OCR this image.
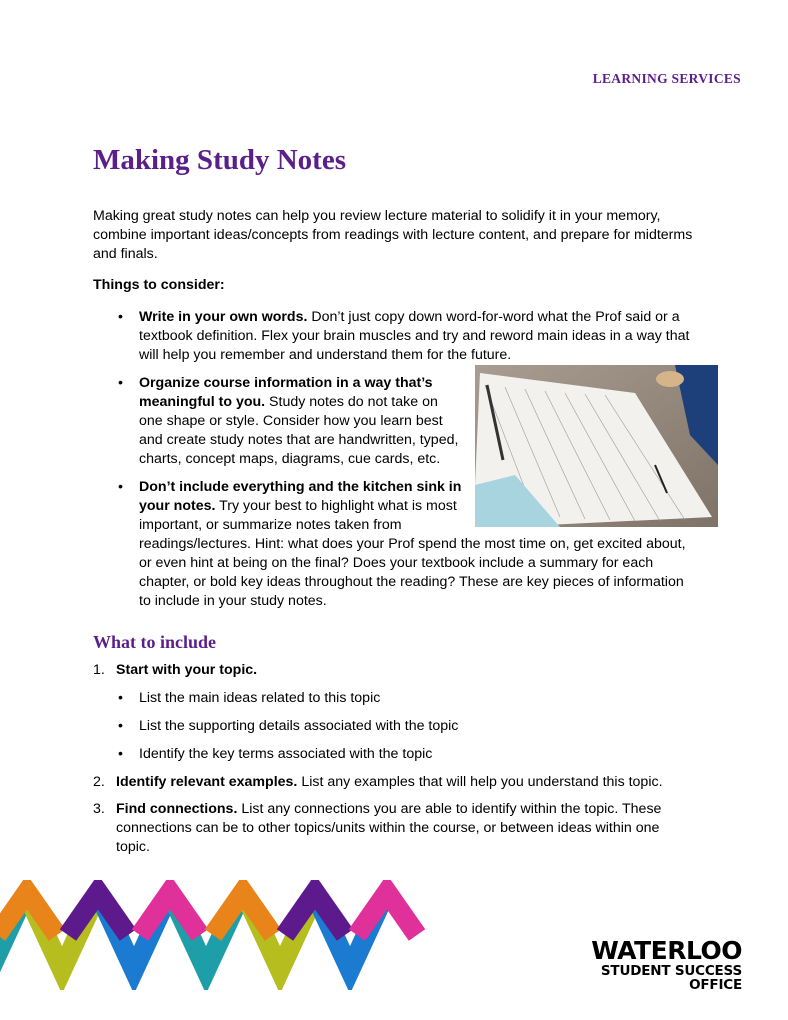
LEARNING SERVICES
Making Study Notes

Making great study notes can help you review lecture material to solidify it in your memory, combine important ideas/concepts from readings with lecture content, and prepare for midterms and finals.

Things to consider:

• Write in your own words. Don’t just copy down word-for-word what the Prof said or a textbook definition. Flex your brain muscles and try and reword main ideas in a way that will help you remember and understand them for the future.
• Organize course information in a way that’s meaningful to you. Study notes do not take on one shape or style. Consider how you learn best and create study notes that are handwritten, typed, charts, concept maps, diagrams, cue cards, etc.
• Don’t include everything and the kitchen sink in your notes. Try your best to highlight what is most important, or summarize notes taken from readings/lectures. Hint: what does your Prof spend the most time on, get excited about, or even hint at being on the final? Does your textbook include a summary for each chapter, or bold key ideas throughout the reading? These are key pieces of information to include in your study notes.
What to include
1. Start with your topic.
• List the main ideas related to this topic
• List the supporting details associated with the topic
• Identify the key terms associated with the topic
2. Identify relevant examples. List any examples that will help you understand this topic.
3. Find connections. List any connections you are able to identify within the topic. These connections can be to other topics/units within the course, or between ideas within one topic.
WATERLOO
STUDENT SUCCESS
OFFICE
